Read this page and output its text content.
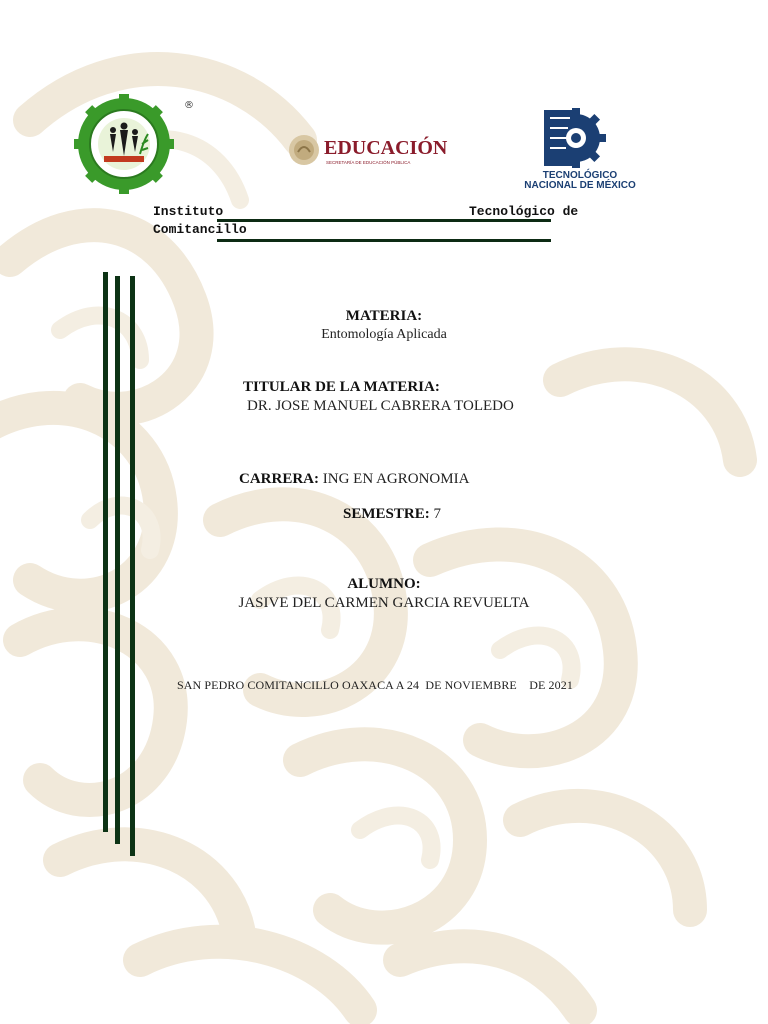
®
EDUCACIÓN
SECRETARÍA DE EDUCACIÓN PÚBLICA
TECNOLÓGICO
NACIONAL DE MÉXICO
Instituto	Tecnológico de
Comitancillo
MATERIA:
Entomología Aplicada
TITULAR DE LA MATERIA:
DR. JOSE MANUEL CABRERA TOLEDO

CARRERA: ING EN AGRONOMIA

SEMESTRE: 7

ALUMNO:
JASIVE DEL CARMEN GARCIA REVUELTA
SAN PEDRO COMITANCILLO OAXACA A 24  DE NOVIEMBRE    DE 2021
